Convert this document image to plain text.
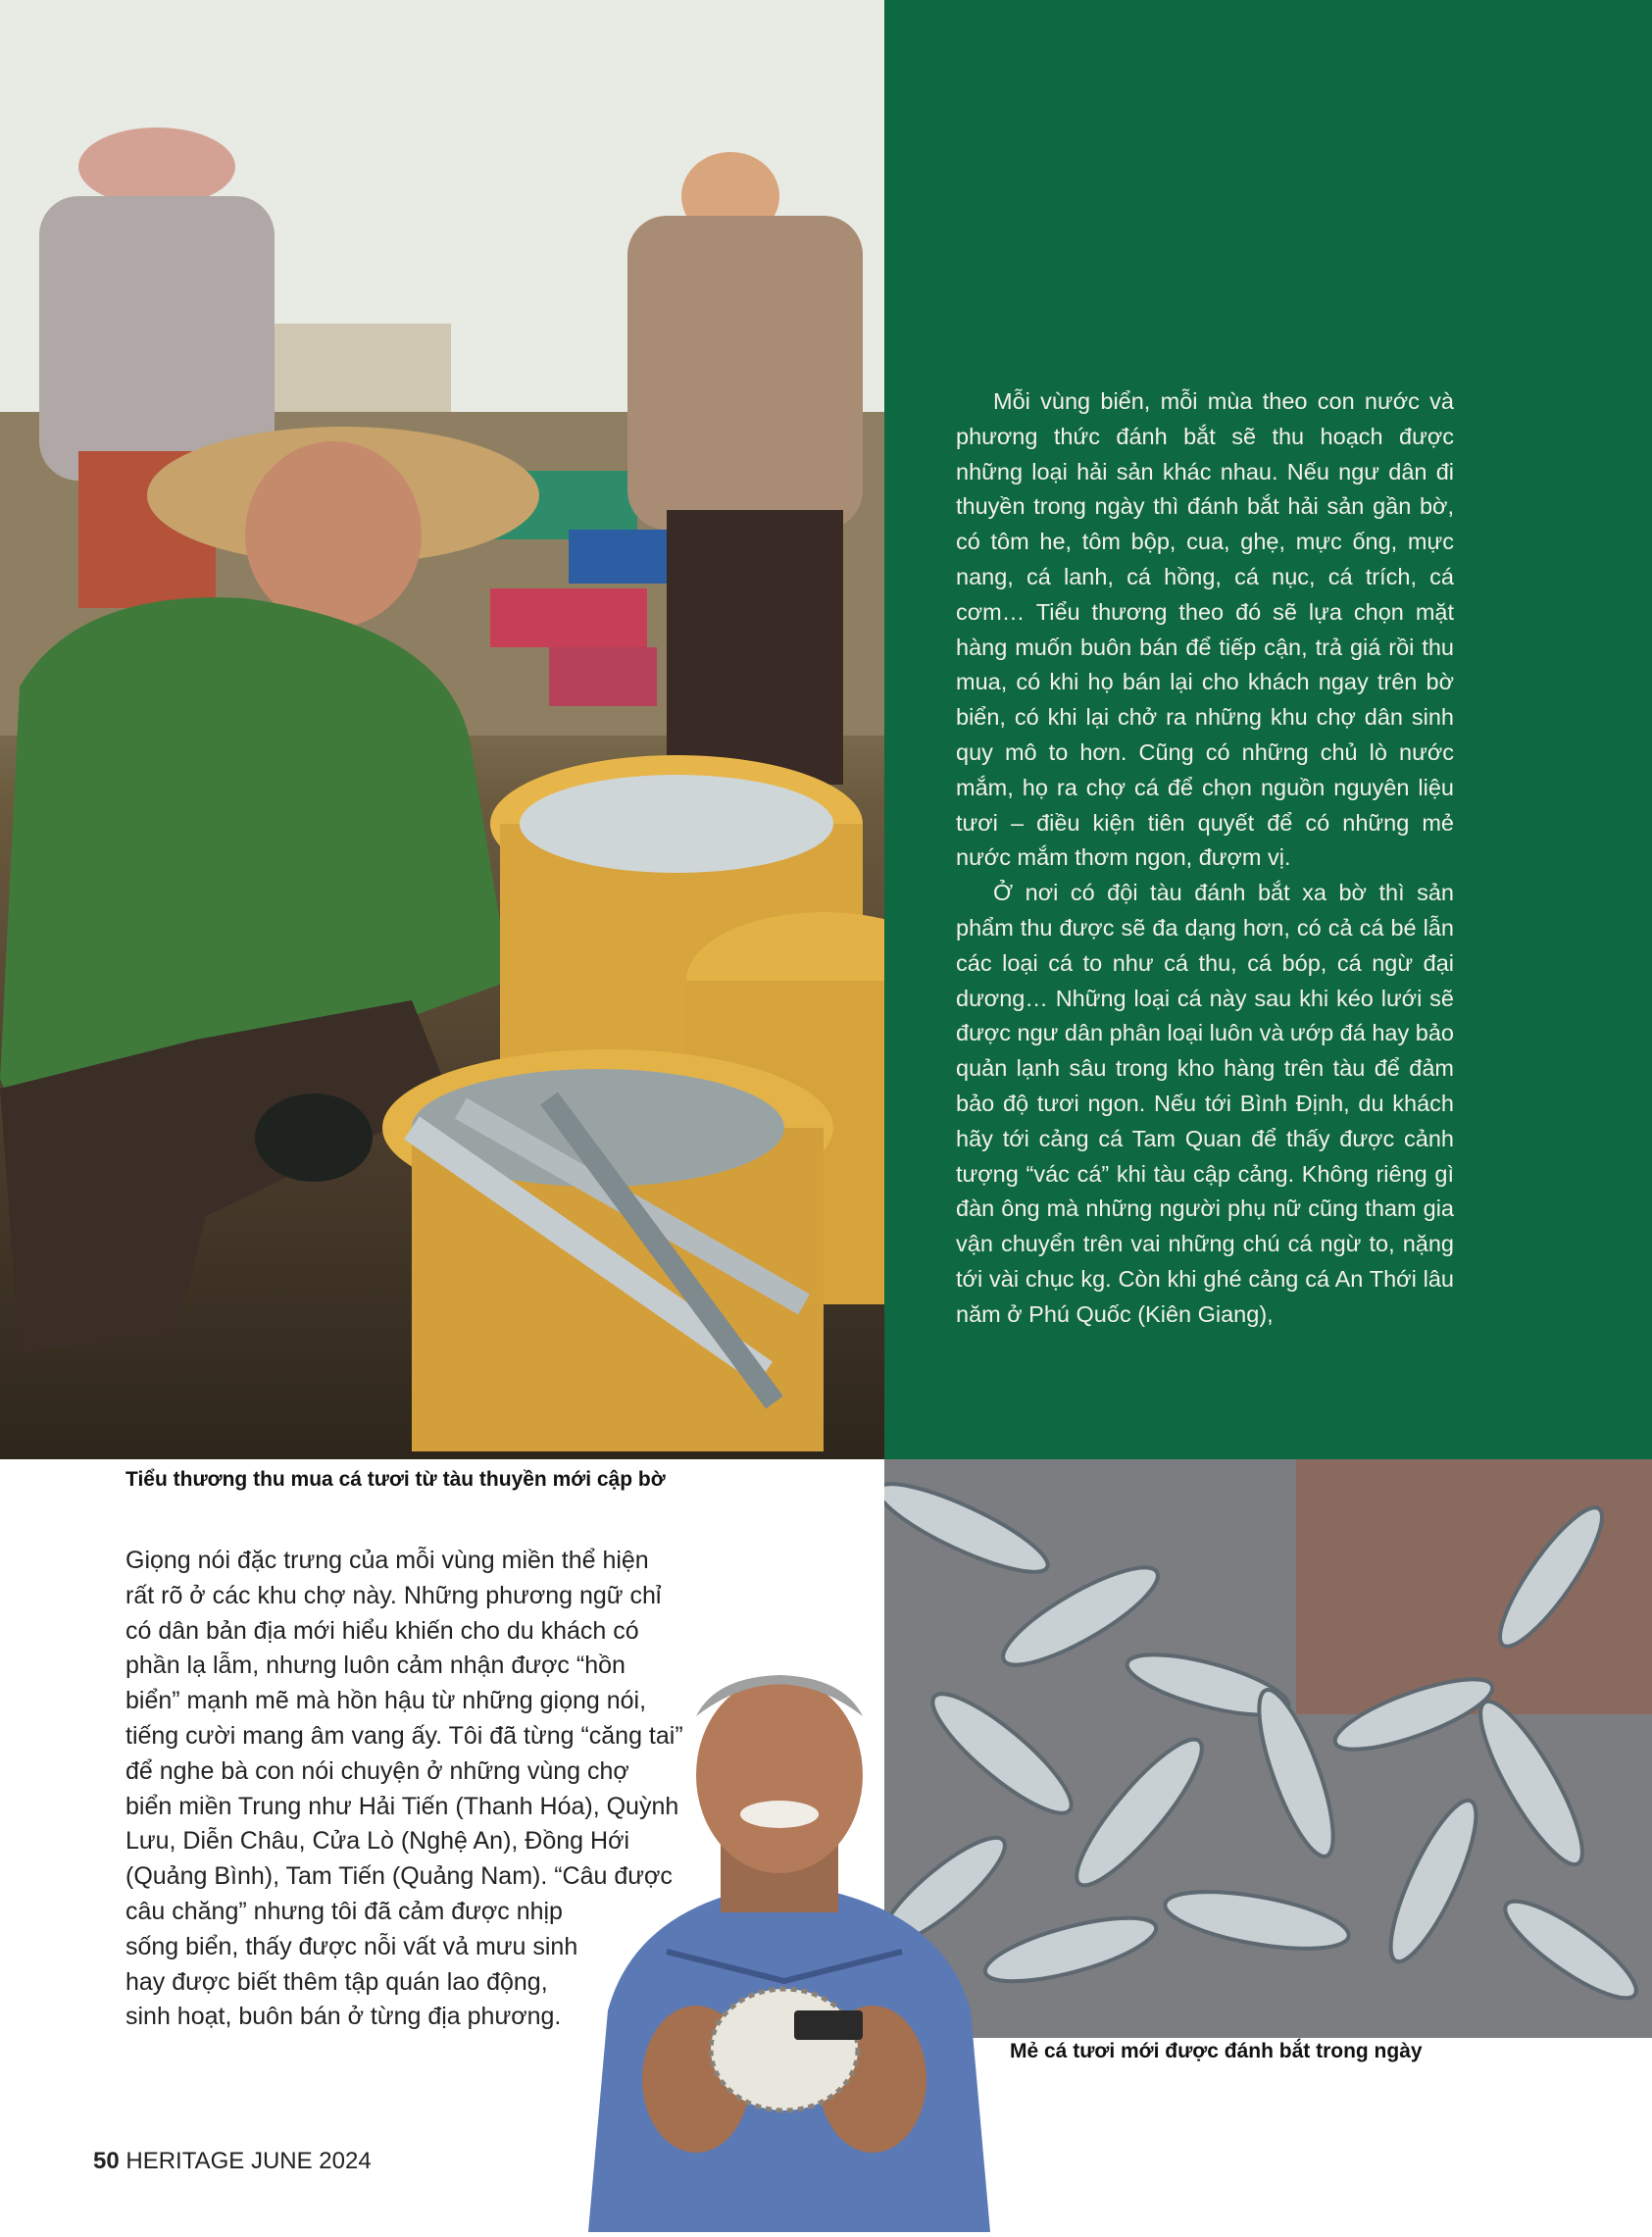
Mỗi vùng biển, mỗi mùa theo con nước và phương thức đánh bắt sẽ thu hoạch được những loại hải sản khác nhau. Nếu ngư dân đi thuyền trong ngày thì đánh bắt hải sản gần bờ, có tôm he, tôm bộp, cua, ghẹ, mực ống, mực nang, cá lanh, cá hồng, cá nục, cá trích, cá cơm… Tiểu thương theo đó sẽ lựa chọn mặt hàng muốn buôn bán để tiếp cận, trả giá rồi thu mua, có khi họ bán lại cho khách ngay trên bờ biển, có khi lại chở ra những khu chợ dân sinh quy mô to hơn. Cũng có những chủ lò nước mắm, họ ra chợ cá để chọn nguồn nguyên liệu tươi – điều kiện tiên quyết để có những mẻ nước mắm thơm ngon, đượm vị.

Ở nơi có đội tàu đánh bắt xa bờ thì sản phẩm thu được sẽ đa dạng hơn, có cả cá bé lẫn các loại cá to như cá thu, cá bóp, cá ngừ đại dương… Những loại cá này sau khi kéo lưới sẽ được ngư dân phân loại luôn và ướp đá hay bảo quản lạnh sâu trong kho hàng trên tàu để đảm bảo độ tươi ngon. Nếu tới Bình Định, du khách hãy tới cảng cá Tam Quan để thấy được cảnh tượng “vác cá” khi tàu cập cảng. Không riêng gì đàn ông mà những người phụ nữ cũng tham gia vận chuyển trên vai những chú cá ngừ to, nặng tới vài chục kg. Còn khi ghé cảng cá An Thới lâu năm ở Phú Quốc (Kiên Giang),

Tiểu thương thu mua cá tươi từ tàu thuyền mới cập bờ
Giọng nói đặc trưng của mỗi vùng miền thể hiện
rất rõ ở các khu chợ này. Những phương ngữ chỉ
có dân bản địa mới hiểu khiến cho du khách có
phần lạ lẫm, nhưng luôn cảm nhận được “hồn
biển” mạnh mẽ mà hồn hậu từ những giọng nói,
tiếng cười mang âm vang ấy. Tôi đã từng “căng tai”
để nghe bà con nói chuyện ở những vùng chợ
biển miền Trung như Hải Tiến (Thanh Hóa), Quỳnh
Lưu, Diễn Châu, Cửa Lò (Nghệ An), Đồng Hới
(Quảng Bình), Tam Tiến (Quảng Nam). “Câu được
câu chăng” nhưng tôi đã cảm được nhịp
sống biển, thấy được nỗi vất vả mưu sinh
hay được biết thêm tập quán lao động,
sinh hoạt, buôn bán ở từng địa phương.
Mẻ cá tươi mới được đánh bắt trong ngày
50 HERITAGE JUNE 2024
